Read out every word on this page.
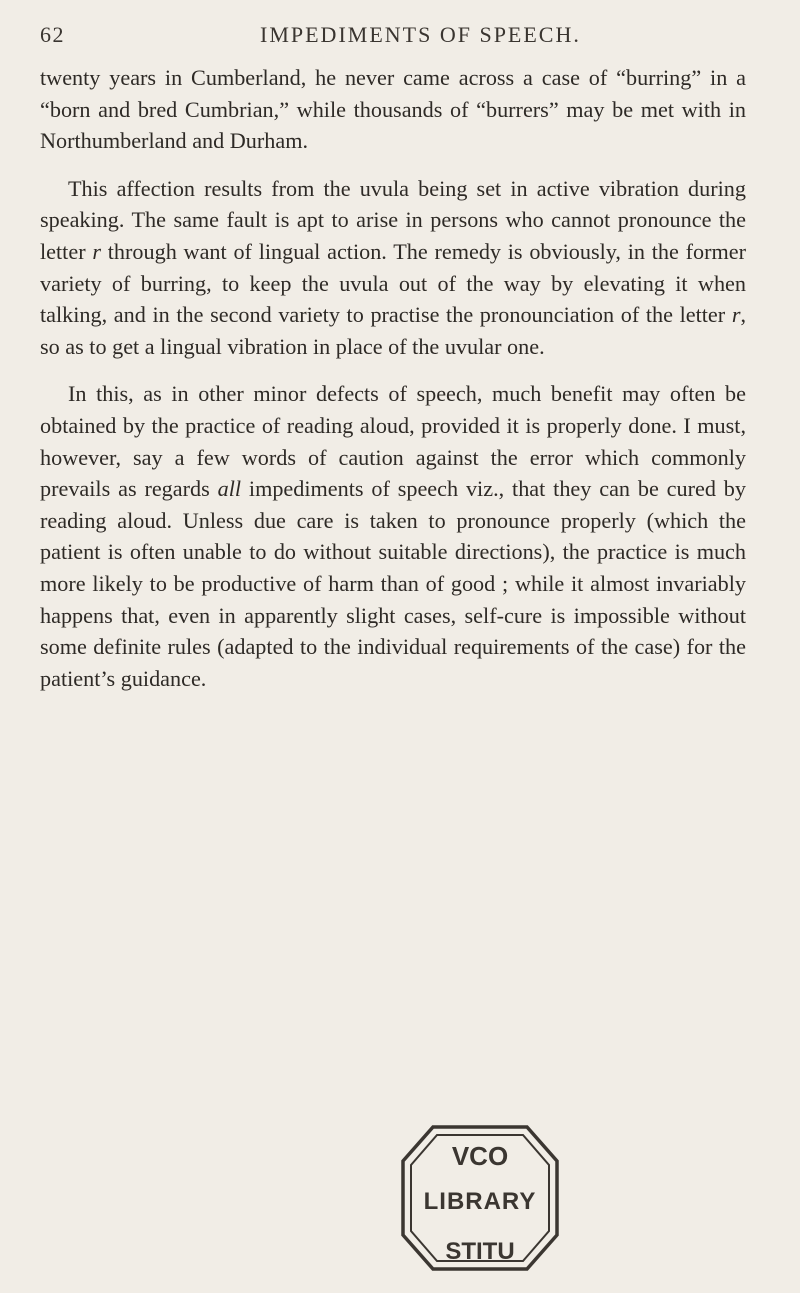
62	IMPEDIMENTS OF SPEECH.

twenty years in Cumberland, he never came across a case of “burring” in a “born and bred Cumbrian,” while thousands of “burrers” may be met with in Northumberland and Durham.

This affection results from the uvula being set in active vibration during speaking. The same fault is apt to arise in persons who cannot pronounce the letter r through want of lingual action. The remedy is obviously, in the former variety of burring, to keep the uvula out of the way by elevating it when talking, and in the second variety to practise the pronounciation of the letter r, so as to get a lingual vibration in place of the uvular one.

In this, as in other minor defects of speech, much benefit may often be obtained by the practice of reading aloud, provided it is properly done. I must, however, say a few words of caution against the error which commonly prevails as regards all impediments of speech viz., that they can be cured by reading aloud. Unless due care is taken to pronounce properly (which the patient is often unable to do without suitable directions), the practice is much more likely to be productive of harm than of good ; while it almost invariably happens that, even in apparently slight cases, self-cure is impossible without some definite rules (adapted to the individual requirements of the case) for the patient’s guidance.

VCO
LIBRARY
STITU
